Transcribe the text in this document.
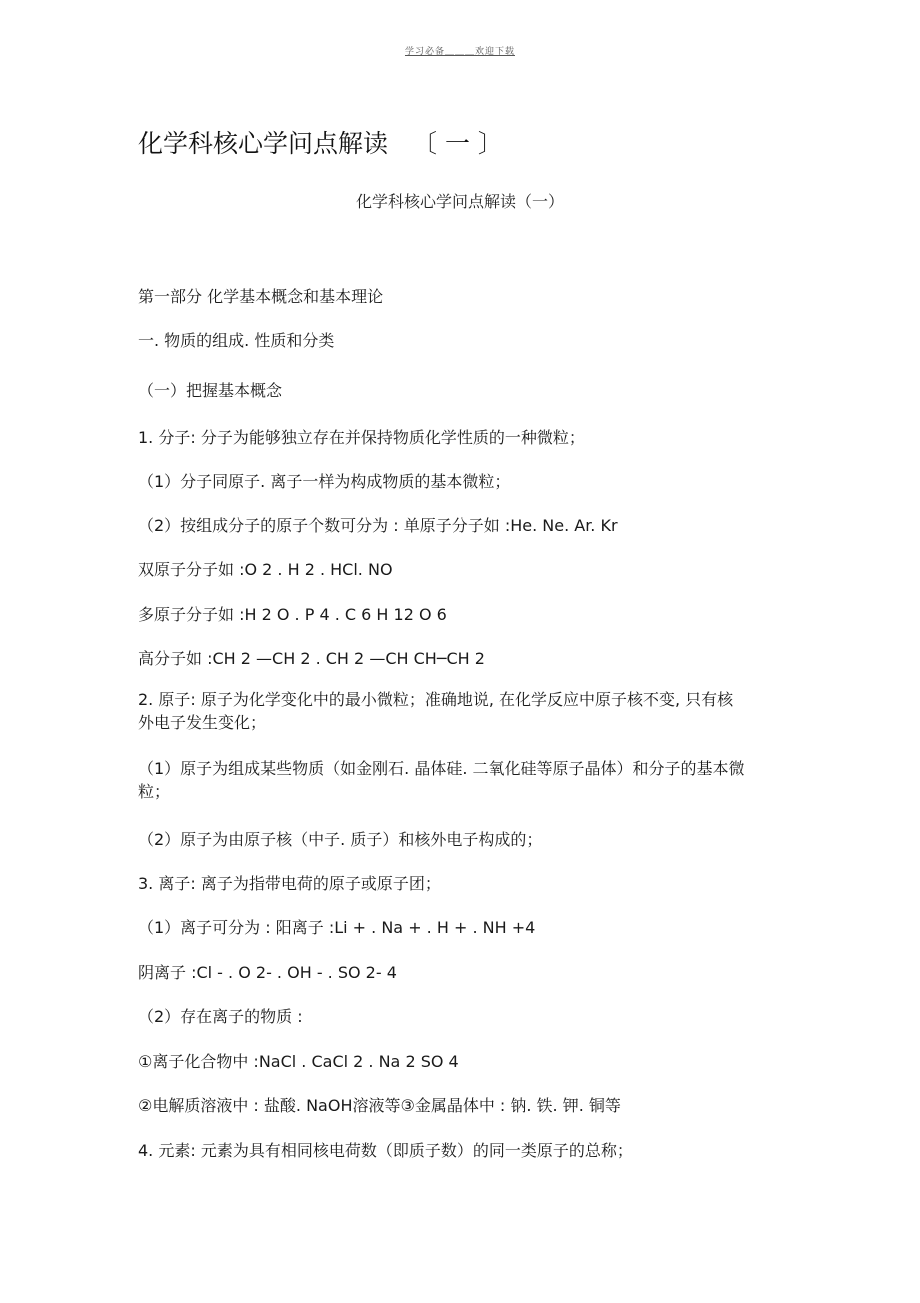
学习必备＿＿＿欢迎下载
化学科核心学问点解读 〔 一 〕
化学科核心学问点解读（一）
第一部分 化学基本概念和基本理论
一. 物质的组成. 性质和分类
（一）把握基本概念
1. 分子: 分子为能够独立存在并保持物质化学性质的一种微粒；
（1）分子同原子. 离子一样为构成物质的基本微粒；
（2）按组成分子的原子个数可分为 : 单原子分子如 :He. Ne. Ar. Kr
双原子分子如 :O 2 . H 2 . HCl. NO
多原子分子如 :H 2 O . P 4 . C 6 H 12 O 6
高分子如 :CH 2 —CH 2 . CH 2 —CH CH─CH 2
2. 原子: 原子为化学变化中的最小微粒；准确地说, 在化学反应中原子核不变, 只有核外电子发生变化；
（1）原子为组成某些物质（如金刚石. 晶体硅. 二氧化硅等原子晶体）和分子的基本微粒；
（2）原子为由原子核（中子. 质子）和核外电子构成的；
3. 离子: 离子为指带电荷的原子或原子团；
（1）离子可分为 : 阳离子 :Li + . Na + . H + . NH +4
阴离子 :Cl - . O 2- . OH - . SO 2- 4
（2）存在离子的物质 :
①离子化合物中 :NaCl . CaCl 2 . Na 2 SO 4
②电解质溶液中 : 盐酸. NaOH溶液等③金属晶体中 : 钠. 铁. 钾. 铜等
4. 元素: 元素为具有相同核电荷数（即质子数）的同一类原子的总称；
